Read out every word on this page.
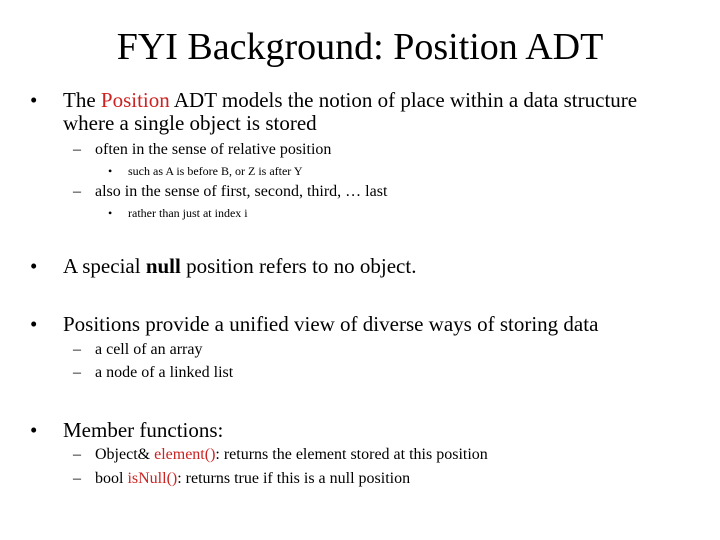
FYI Background: Position ADT
•	The Position ADT models the notion of place within a data structure where a single object is stored
– often in the sense of relative position
• such as A is before B, or Z is after Y
– also in the sense of first, second, third, … last
• rather than just at index i
•	A special null position refers to no object.
•	Positions provide a unified view of diverse ways of storing data
– a cell of an array
– a node of a linked list
•	Member functions:
– Object& element(): returns the element stored at this position
– bool isNull(): returns true if this is a null position
